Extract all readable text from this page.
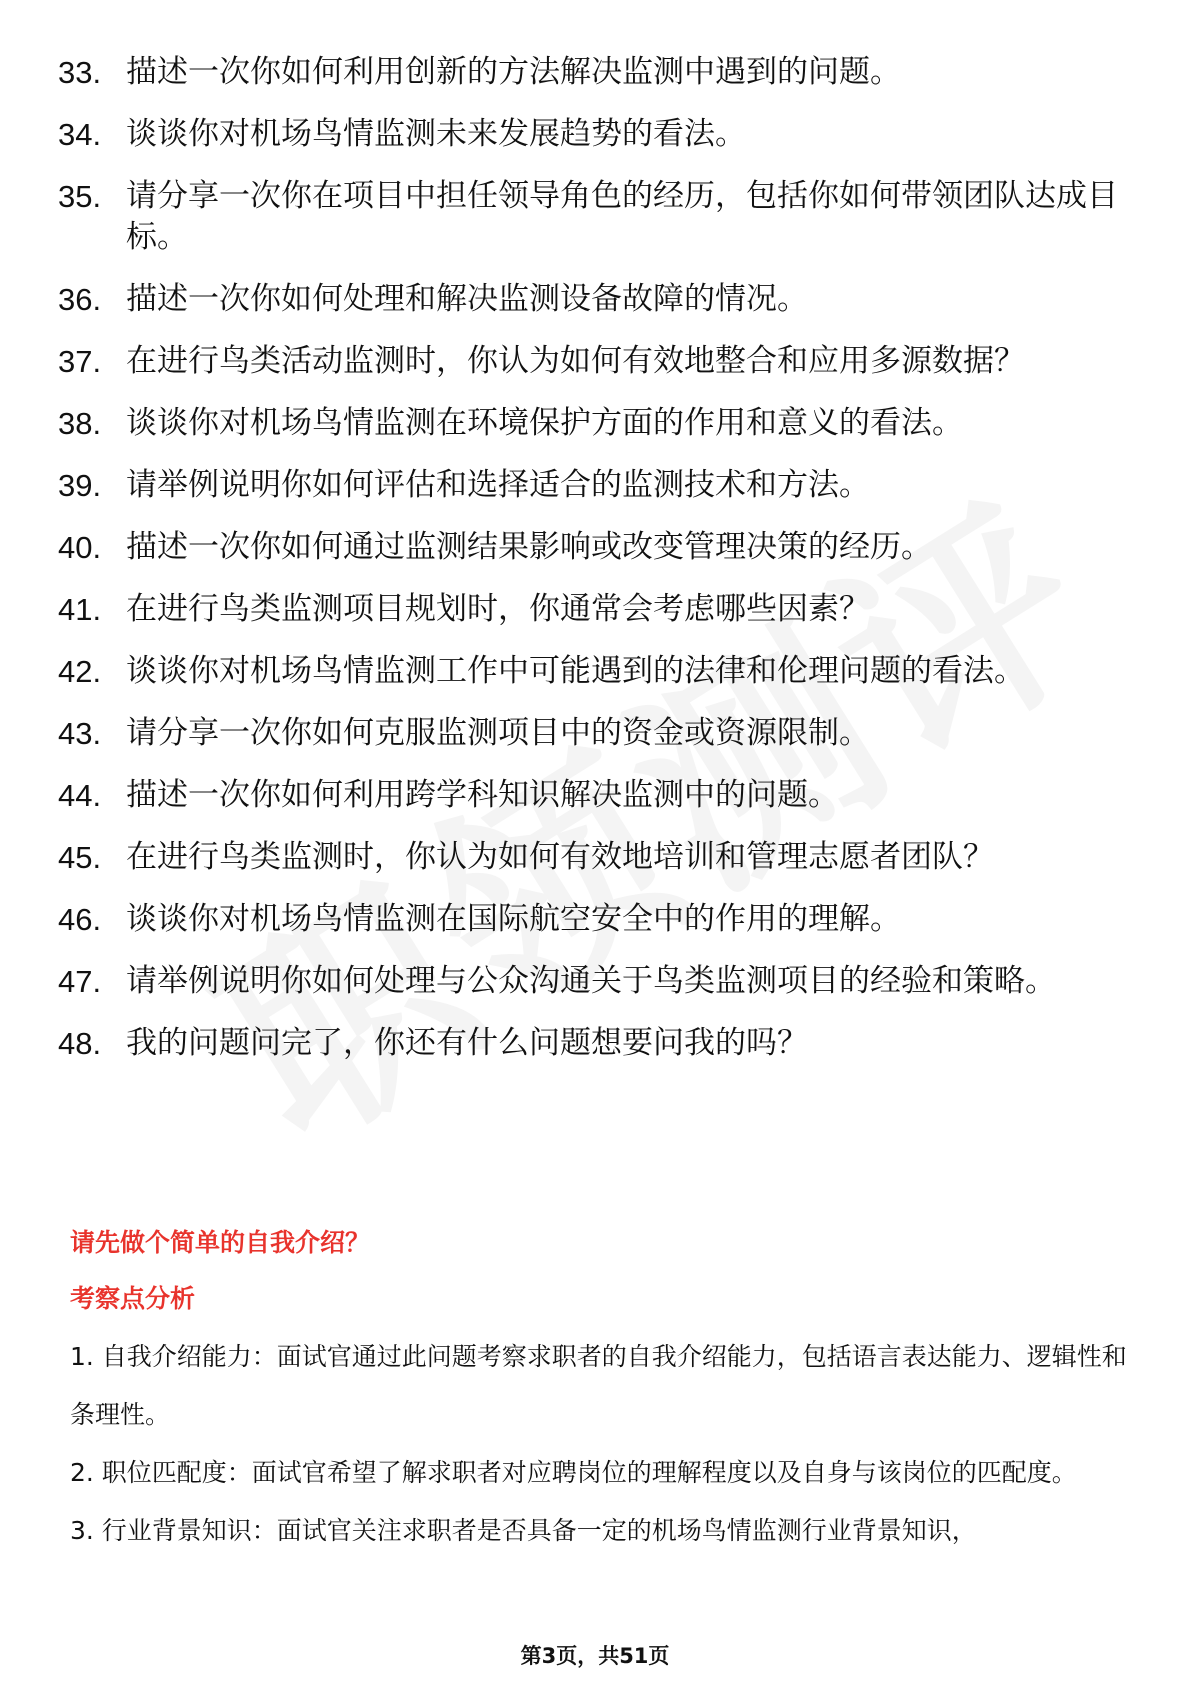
33. 描述一次你如何利用创新的方法解决监测中遇到的问题。
34. 谈谈你对机场鸟情监测未来发展趋势的看法。
35. 请分享一次你在项目中担任领导角色的经历，包括你如何带领团队达成目标。
36. 描述一次你如何处理和解决监测设备故障的情况。
37. 在进行鸟类活动监测时，你认为如何有效地整合和应用多源数据？
38. 谈谈你对机场鸟情监测在环境保护方面的作用和意义的看法。
39. 请举例说明你如何评估和选择适合的监测技术和方法。
40. 描述一次你如何通过监测结果影响或改变管理决策的经历。
41. 在进行鸟类监测项目规划时，你通常会考虑哪些因素？
42. 谈谈你对机场鸟情监测工作中可能遇到的法律和伦理问题的看法。
43. 请分享一次你如何克服监测项目中的资金或资源限制。
44. 描述一次你如何利用跨学科知识解决监测中的问题。
45. 在进行鸟类监测时，你认为如何有效地培训和管理志愿者团队？
46. 谈谈你对机场鸟情监测在国际航空安全中的作用的理解。
47. 请举例说明你如何处理与公众沟通关于鸟类监测项目的经验和策略。
48. 我的问题问完了，你还有什么问题想要问我的吗？
请先做个简单的自我介绍？
考察点分析

1. 自我介绍能力：面试官通过此问题考察求职者的自我介绍能力，包括语言表达能力、逻辑性和条理性。

2. 职位匹配度：面试官希望了解求职者对应聘岗位的理解程度以及自身与该岗位的匹配度。

3. 行业背景知识：面试官关注求职者是否具备一定的机场鸟情监测行业背景知识，

第3页，共51页
